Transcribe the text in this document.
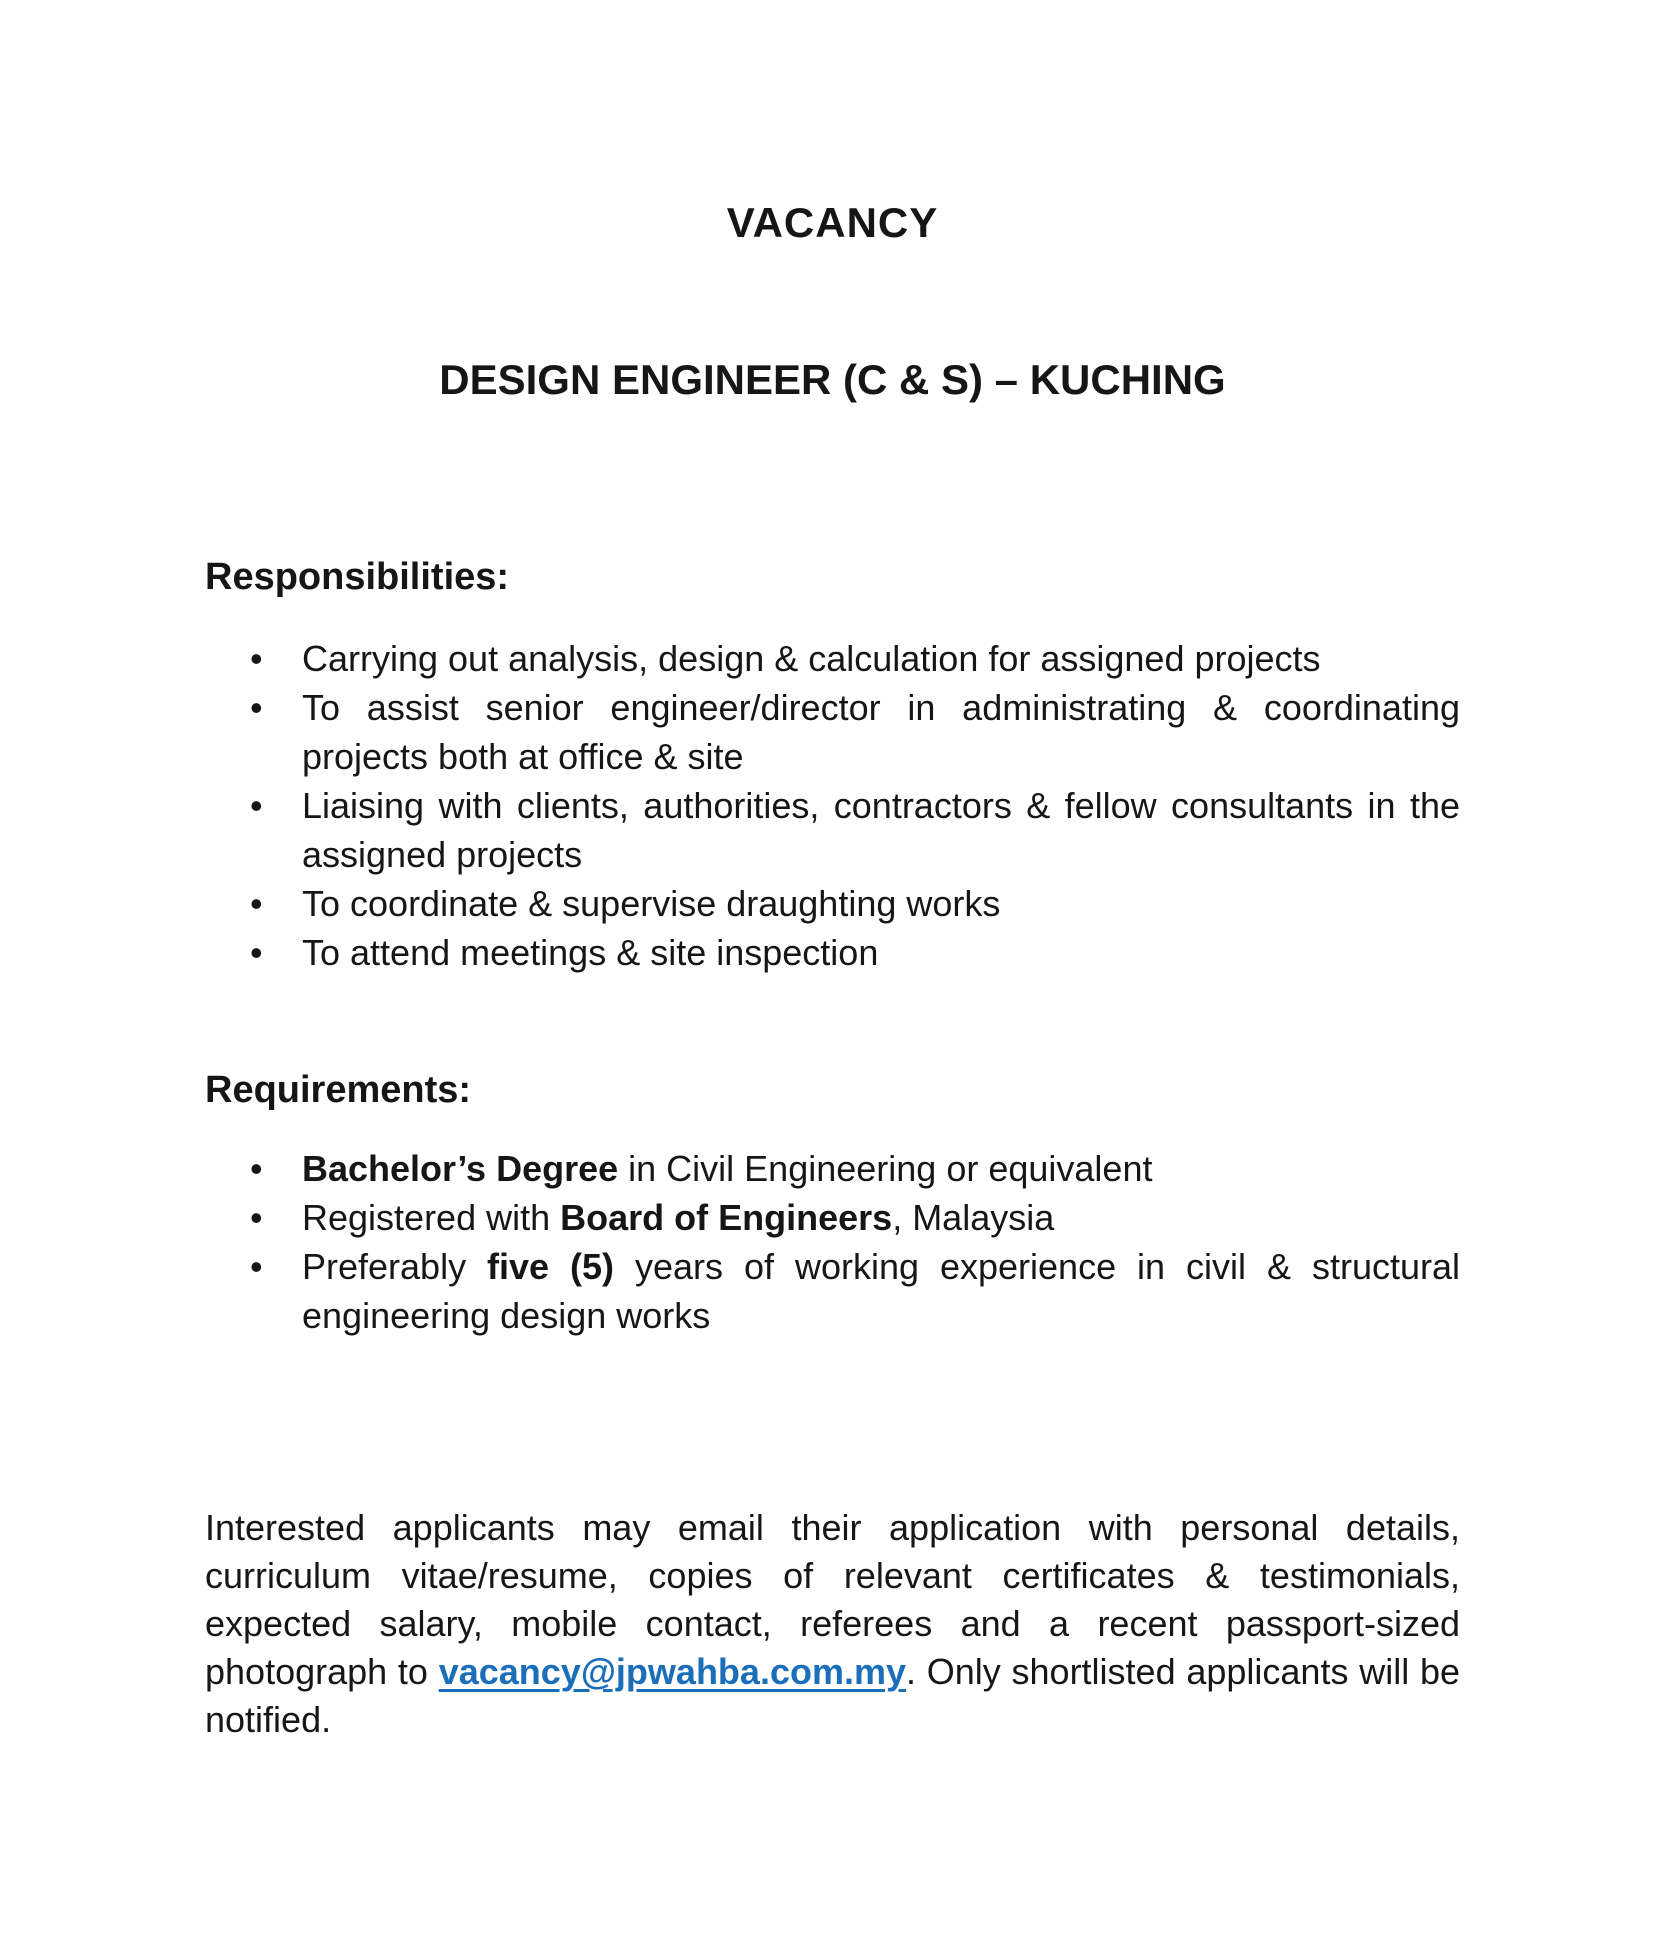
VACANCY
DESIGN ENGINEER (C & S) – KUCHING
Responsibilities:
• Carrying out analysis, design & calculation for assigned projects
• To assist senior engineer/director in administrating & coordinating projects both at office & site
• Liaising with clients, authorities, contractors & fellow consultants in the assigned projects
• To coordinate & supervise draughting works
• To attend meetings & site inspection
Requirements:
• Bachelor’s Degree in Civil Engineering or equivalent
• Registered with Board of Engineers, Malaysia
• Preferably five (5) years of working experience in civil & structural engineering design works

Interested applicants may email their application with personal details, curriculum vitae/resume, copies of relevant certificates & testimonials, expected salary, mobile contact, referees and a recent passport-sized photograph to vacancy@jpwahba.com.my. Only shortlisted applicants will be notified.
